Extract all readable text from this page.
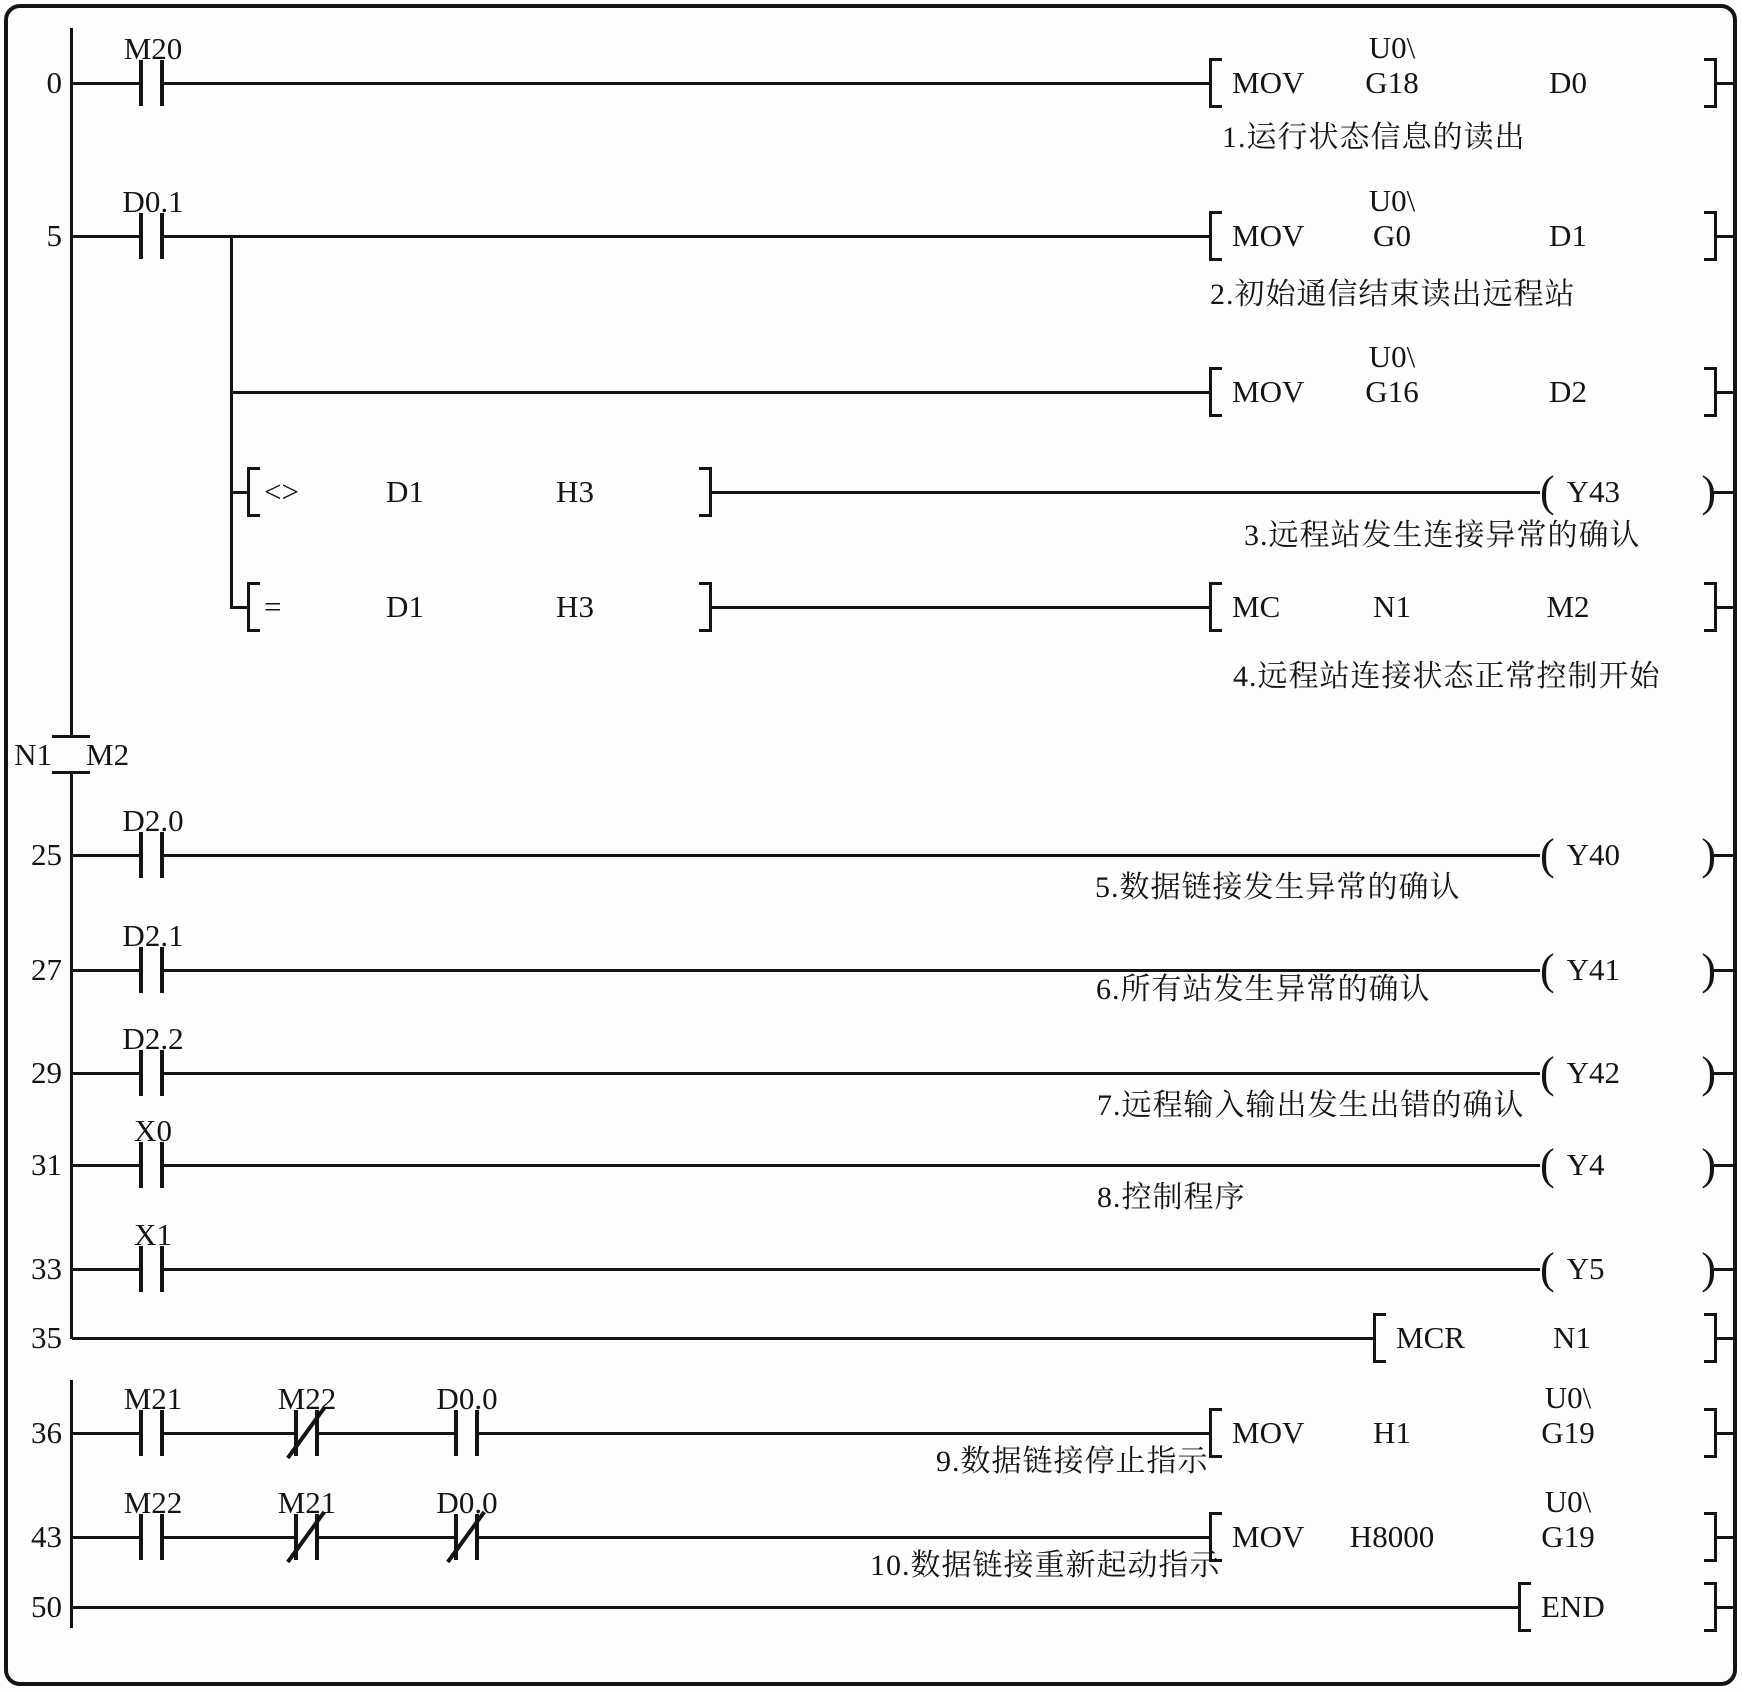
N1 M2
0
M20
MOV
U0\
G18	D0
1.运行状态信息的读出
5
D0.1
MOV
U0\
G0	D1
2.初始通信结束读出远程站
MOV
U0\
G16	D2
<>	D1	H3	( Y43
)
3.远程站发生连接异常的确认
=	D1	H3	MC	N1	M2
4.远程站连接状态正常控制开始
25
D2.0
( Y40
)
5.数据链接发生异常的确认
27
D2.1
( Y41
)
6.所有站发生异常的确认
29
D2.2
( Y42
)
7.远程输入输出发生出错的确认
31
X0
( Y4
)
8.控制程序
33
X1
( Y5
)
35	MCR	N1
36
M21	M22	D0.0
MOV H1
U0\
G19
9.数据链接停止指示
43
M22	M21	D0.0
MOV H8000
U0\
G19
10.数据链接重新起动指示
50	END
